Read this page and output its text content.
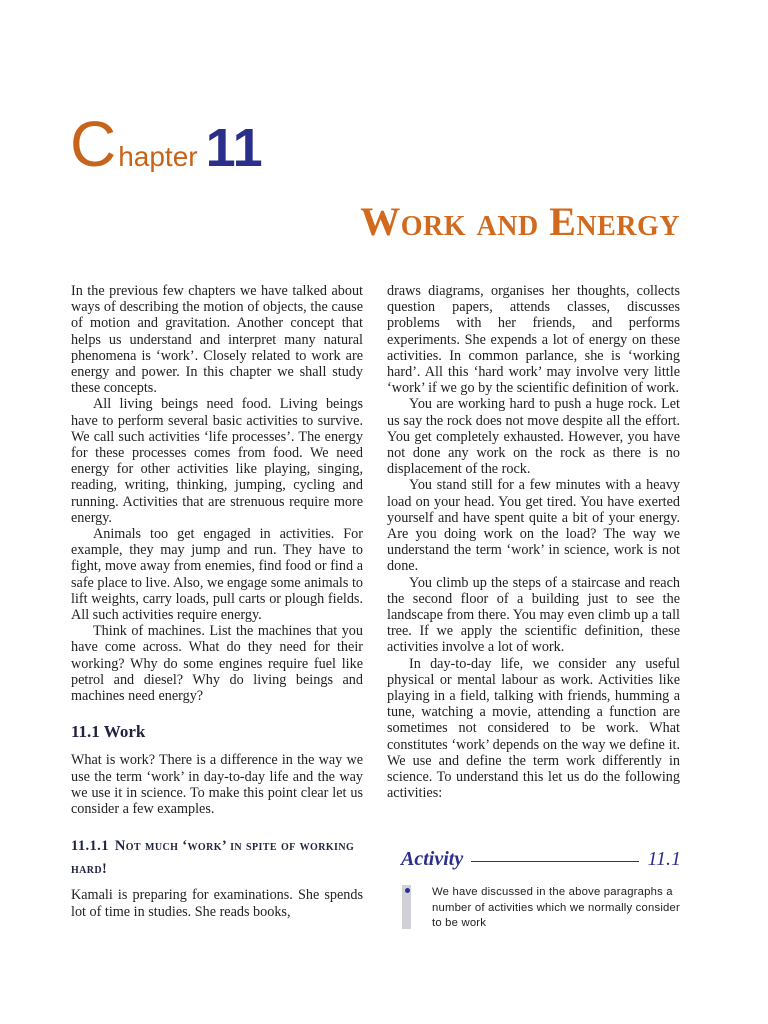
C hapter 11
Work and Energy

In the previous few chapters we have talked about ways of describing the motion of objects, the cause of motion and gravitation. Another concept that helps us understand and interpret many natural phenomena is ‘work’. Closely related to work are energy and power. In this chapter we shall study these concepts.

All living beings need food. Living beings have to perform several basic activities to survive. We call such activities ‘life processes’. The energy for these processes comes from food. We need energy for other activities like playing, singing, reading, writing, thinking, jumping, cycling and running. Activities that are strenuous require more energy.

Animals too get engaged in activities. For example, they may jump and run. They have to fight, move away from enemies, find food or find a safe place to live. Also, we engage some animals to lift weights, carry loads, pull carts or plough fields. All such activities require energy.

Think of machines. List the machines that you have come across. What do they need for their working? Why do some engines require fuel like petrol and diesel? Why do living beings and machines need energy?

11.1 Work

What is work? There is a difference in the way we use the term ‘work’ in day-to-day life and the way we use it in science. To make this point clear let us consider a few examples.

11.1.1 Not much ‘work’ in spite of working hard!

Kamali is preparing for examinations. She spends lot of time in studies. She reads books,

draws diagrams, organises her thoughts, collects question papers, attends classes, discusses problems with her friends, and performs experiments. She expends a lot of energy on these activities. In common parlance, she is ‘working hard’. All this ‘hard work’ may involve very little ‘work’ if we go by the scientific definition of work.

You are working hard to push a huge rock. Let us say the rock does not move despite all the effort. You get completely exhausted. However, you have not done any work on the rock as there is no displacement of the rock.

You stand still for a few minutes with a heavy load on your head. You get tired. You have exerted yourself and have spent quite a bit of your energy. Are you doing work on the load? The way we understand the term ‘work’ in science, work is not done.

You climb up the steps of a staircase and reach the second floor of a building just to see the landscape from there. You may even climb up a tall tree. If we apply the scientific definition, these activities involve a lot of work.

In day-to-day life, we consider any useful physical or mental labour as work. Activities like playing in a field, talking with friends, humming a tune, watching a movie, attending a function are sometimes not considered to be work. What constitutes ‘work’ depends on the way we define it. We use and define the term work differently in science. To understand this let us do the following activities:

Activity	11.1
We have discussed in the above paragraphs a number of activities which we normally consider to be work
